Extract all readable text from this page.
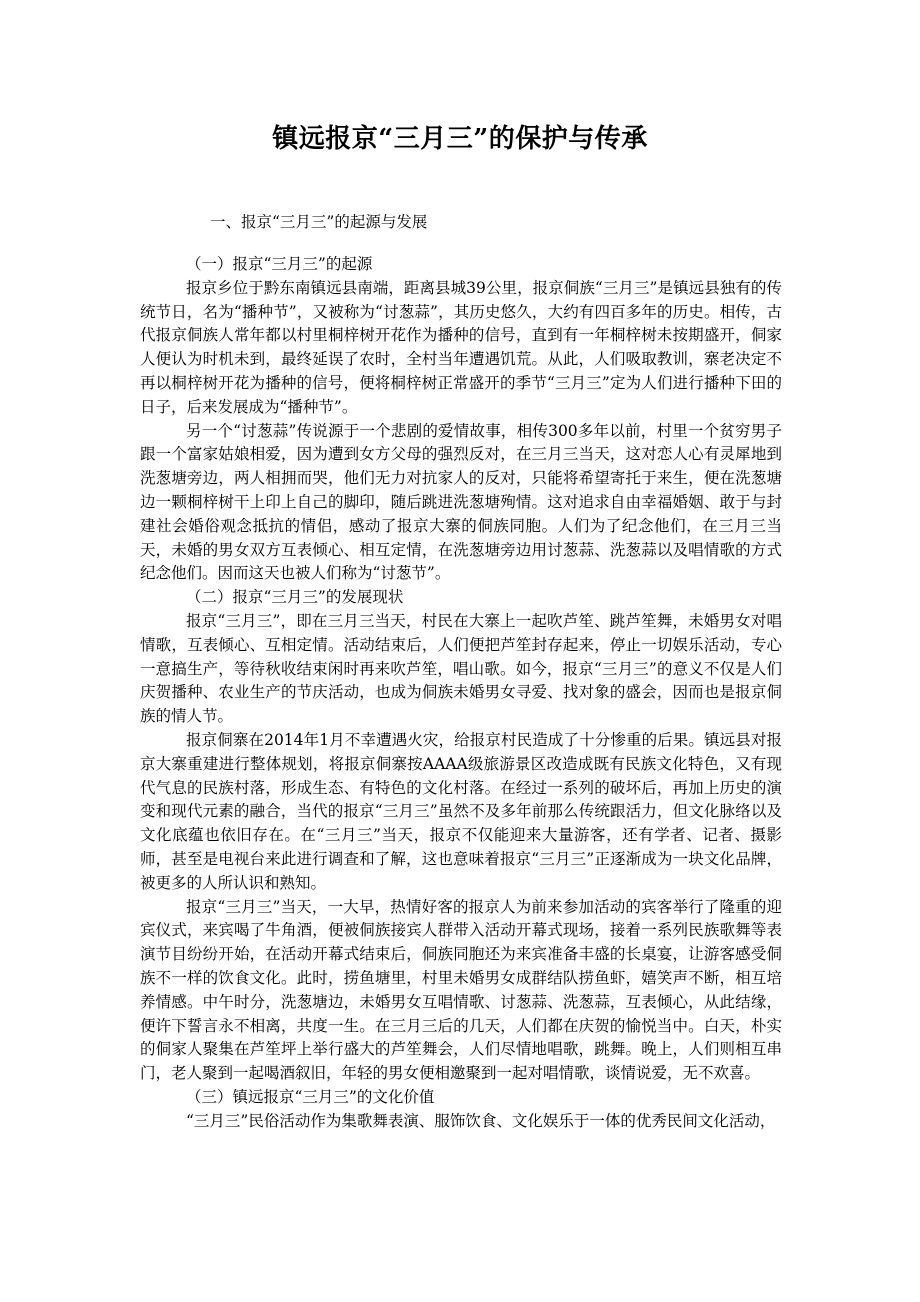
镇远报京“三月三”的保护与传承

一、报京“三月三”的起源与发展

（一）报京“三月三”的起源

报京乡位于黔东南镇远县南端，距离县城39公里，报京侗族“三月三”是镇远县独有的传统节日，名为“播种节”，又被称为“讨葱蒜”，其历史悠久，大约有四百多年的历史。相传，古代报京侗族人常年都以村里桐梓树开花作为播种的信号，直到有一年桐梓树未按期盛开，侗家人便认为时机未到，最终延误了农时，全村当年遭遇饥荒。从此，人们吸取教训，寨老决定不再以桐梓树开花为播种的信号，便将桐梓树正常盛开的季节“三月三”定为人们进行播种下田的日子，后来发展成为“播种节”。

另一个“讨葱蒜”传说源于一个悲剧的爱情故事，相传300多年以前，村里一个贫穷男子跟一个富家姑娘相爱，因为遭到女方父母的强烈反对，在三月三当天，这对恋人心有灵犀地到洗葱塘旁边，两人相拥而哭，他们无力对抗家人的反对，只能将希望寄托于来生，便在洗葱塘边一颗桐梓树干上印上自己的脚印，随后跳进洗葱塘殉情。这对追求自由幸福婚姻、敢于与封建社会婚俗观念抵抗的情侣，感动了报京大寨的侗族同胞。人们为了纪念他们，在三月三当天，未婚的男女双方互表倾心、相互定情，在洗葱塘旁边用讨葱蒜、洗葱蒜以及唱情歌的方式纪念他们。因而这天也被人们称为“讨葱节”。

（二）报京“三月三”的发展现状

报京“三月三”，即在三月三当天，村民在大寨上一起吹芦笙、跳芦笙舞，未婚男女对唱情歌，互表倾心、互相定情。活动结束后，人们便把芦笙封存起来，停止一切娱乐活动，专心一意搞生产，等待秋收结束闲时再来吹芦笙，唱山歌。如今，报京“三月三”的意义不仅是人们庆贺播种、农业生产的节庆活动，也成为侗族未婚男女寻爱、找对象的盛会，因而也是报京侗族的情人节。

报京侗寨在2014年1月不幸遭遇火灾，给报京村民造成了十分惨重的后果。镇远县对报京大寨重建进行整体规划，将报京侗寨按AAAA级旅游景区改造成既有民族文化特色，又有现代气息的民族村落，形成生态、有特色的文化村落。在经过一系列的破坏后，再加上历史的演变和现代元素的融合，当代的报京“三月三”虽然不及多年前那么传统跟活力，但文化脉络以及文化底蕴也依旧存在。在“三月三”当天，报京不仅能迎来大量游客，还有学者、记者、摄影师，甚至是电视台来此进行调查和了解，这也意味着报京“三月三”正逐渐成为一块文化品牌，被更多的人所认识和熟知。

报京“三月三”当天，一大早，热情好客的报京人为前来参加活动的宾客举行了隆重的迎宾仪式，来宾喝了牛角酒，便被侗族接宾人群带入活动开幕式现场，接着一系列民族歌舞等表演节目纷纷开始，在活动开幕式结束后，侗族同胞还为来宾准备丰盛的长桌宴，让游客感受侗族不一样的饮食文化。此时，捞鱼塘里，村里未婚男女成群结队捞鱼虾，嬉笑声不断，相互培养情感。中午时分，洗葱塘边，未婚男女互唱情歌、讨葱蒜、洗葱蒜，互表倾心，从此结缘，便许下誓言永不相离，共度一生。在三月三后的几天，人们都在庆贺的愉悦当中。白天，朴实的侗家人聚集在芦笙坪上举行盛大的芦笙舞会，人们尽情地唱歌，跳舞。晚上，人们则相互串门，老人聚到一起喝酒叙旧，年轻的男女便相邀聚到一起对唱情歌，谈情说爱，无不欢喜。

（三）镇远报京“三月三”的文化价值

“三月三”民俗活动作为集歌舞表演、服饰饮食、文化娱乐于一体的优秀民间文化活动，
